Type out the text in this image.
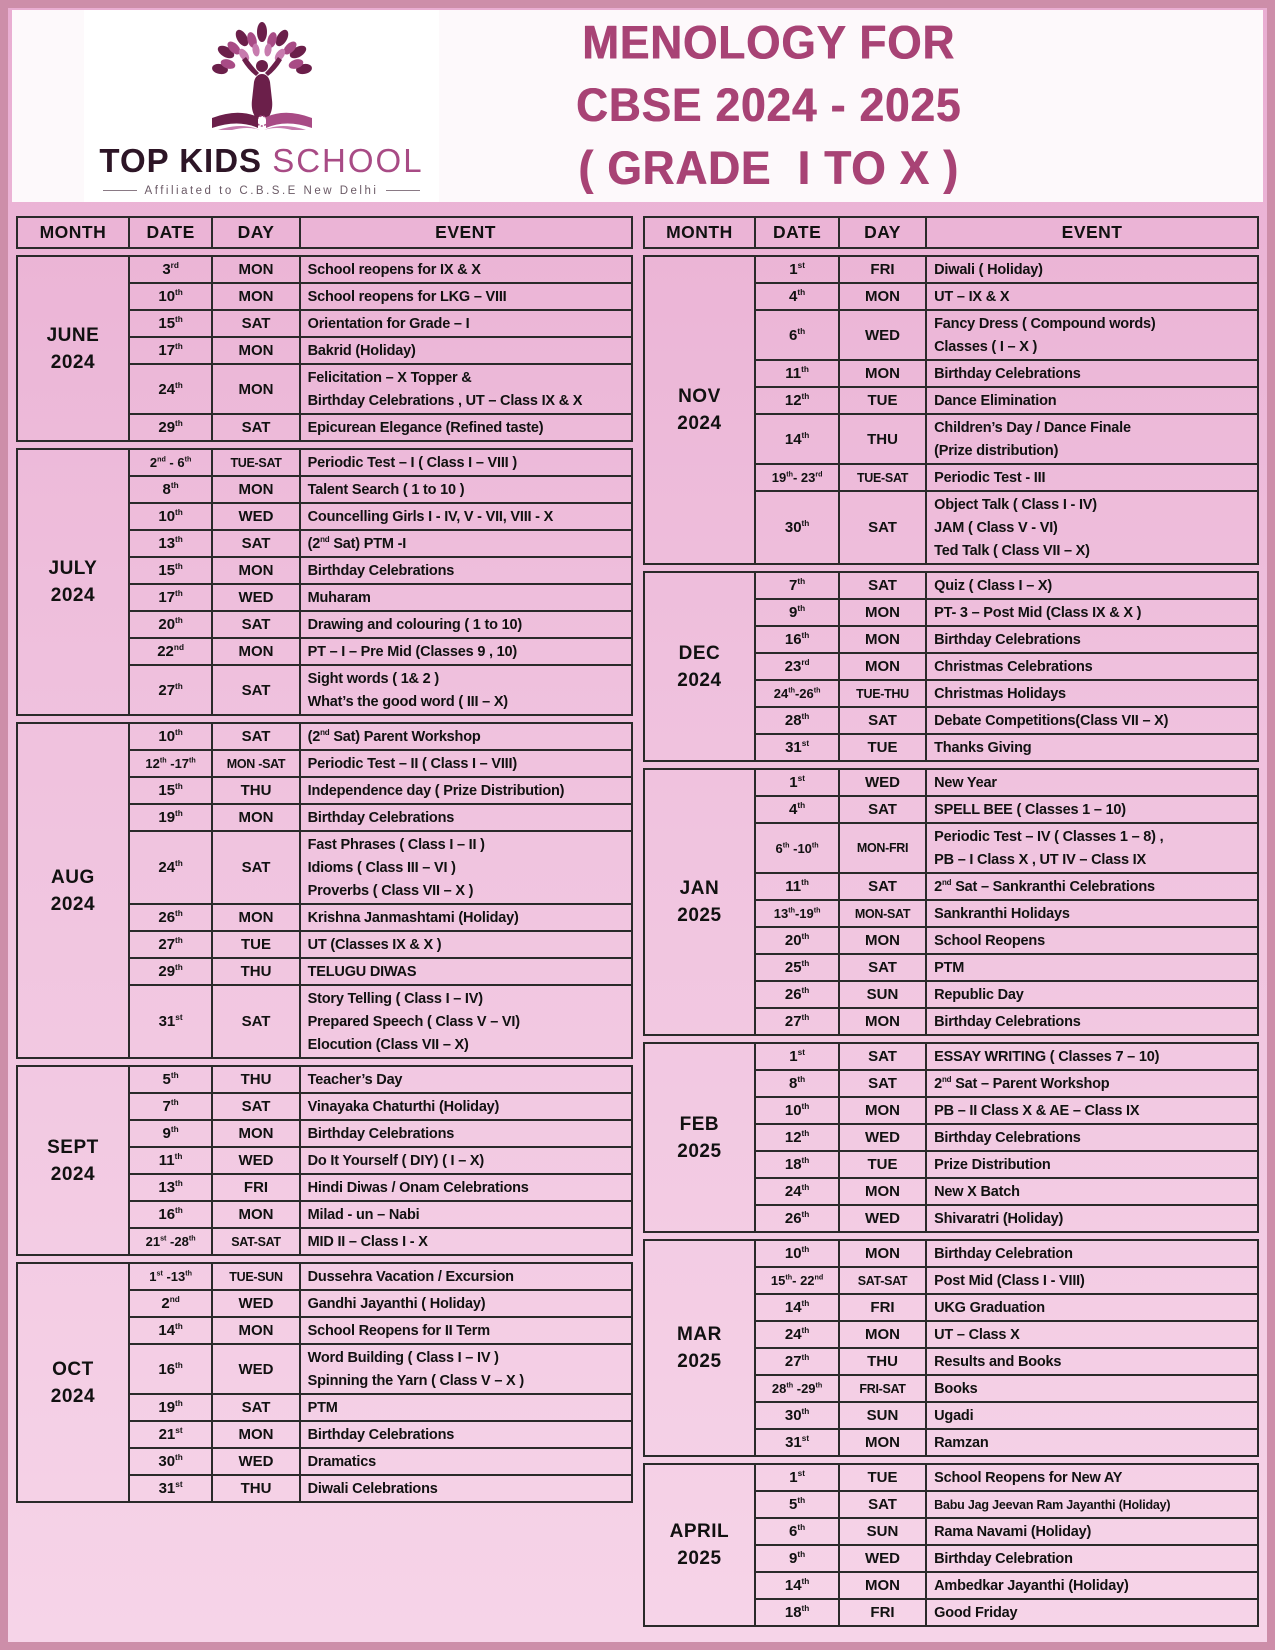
TOP KIDS SCHOOL
Affiliated to C.B.S.E New Delhi
MENOLOGY FOR
CBSE 2024 - 2025
( GRADE  I TO X )
MONTH	DATE	DAY	EVENT
JUNE
2024	3rd	MON	School reopens for IX & X

	10th	MON	School reopens for LKG – VIII

	15th	SAT	Orientation for Grade – I

	17th	MON	Bakrid (Holiday)

	24th	MON	Felicitation – X Topper &
Birthday Celebrations , UT – Class IX & X

	29th	SAT	Epicurean Elegance (Refined taste)
JULY
2024	2nd - 6th	TUE-SAT	Periodic Test – I ( Class I – VIII )

	8th	MON	Talent Search ( 1 to 10 )

	10th	WED	Councelling Girls I - IV, V - VII, VIII - X

	13th	SAT	(2nd Sat) PTM -I

	15th	MON	Birthday Celebrations

	17th	WED	Muharam

	20th	SAT	Drawing and colouring ( 1 to 10)

	22nd	MON	PT – I – Pre Mid (Classes 9 , 10)

	27th	SAT	Sight words ( 1& 2 )
What’s the good word ( III – X)
AUG
2024	10th	SAT	(2nd Sat) Parent Workshop

	12th -17th	MON -SAT	Periodic Test – II ( Class I – VIII)

	15th	THU	Independence day ( Prize Distribution)

	19th	MON	Birthday Celebrations

	24th	SAT	Fast Phrases ( Class I – II )
Idioms ( Class III – VI )
Proverbs ( Class VII – X )

	26th	MON	Krishna Janmashtami (Holiday)

	27th	TUE	UT (Classes IX & X )

	29th	THU	TELUGU DIWAS

	31st	SAT	Story Telling ( Class I – IV)
Prepared Speech ( Class V – VI)
Elocution (Class VII – X)
SEPT
2024	5th	THU	Teacher’s Day

	7th	SAT	Vinayaka Chaturthi (Holiday)

	9th	MON	Birthday Celebrations

	11th	WED	Do It Yourself ( DIY) ( I – X)

	13th	FRI	Hindi Diwas / Onam Celebrations

	16th	MON	Milad - un – Nabi

	21st -28th	SAT-SAT	MID II – Class I - X
OCT
2024	1st -13th	TUE-SUN	Dussehra Vacation / Excursion

	2nd	WED	Gandhi Jayanthi ( Holiday)

	14th	MON	School Reopens for II Term

	16th	WED	Word Building ( Class I – IV )
Spinning the Yarn ( Class V – X )

	19th	SAT	PTM

	21st	MON	Birthday Celebrations

	30th	WED	Dramatics

	31st	THU	Diwali Celebrations
MONTH	DATE	DAY	EVENT
NOV
2024	1st	FRI	Diwali ( Holiday)

	4th	MON	UT – IX & X

	6th	WED	Fancy Dress ( Compound words)
Classes ( I – X )

	11th	MON	Birthday Celebrations

	12th	TUE	Dance Elimination

	14th	THU	Children’s Day / Dance Finale
(Prize distribution)

	19th- 23rd	TUE-SAT	Periodic Test - III

	30th	SAT	Object Talk ( Class I - IV)
JAM ( Class V - VI)
Ted Talk ( Class VII – X)
DEC
2024	7th	SAT	Quiz ( Class I – X)

	9th	MON	PT- 3 – Post Mid (Class IX & X )

	16th	MON	Birthday Celebrations

	23rd	MON	Christmas Celebrations

	24th-26th	TUE-THU	Christmas Holidays

	28th	SAT	Debate Competitions(Class VII – X)

	31st	TUE	Thanks Giving
JAN
2025	1st	WED	New Year

	4th	SAT	SPELL BEE ( Classes 1 – 10)

	6th -10th	MON-FRI	Periodic Test – IV ( Classes 1 – 8) ,
PB – I Class X , UT IV – Class IX

	11th	SAT	2nd Sat – Sankranthi Celebrations

	13th-19th	MON-SAT	Sankranthi Holidays

	20th	MON	School Reopens

	25th	SAT	PTM

	26th	SUN	Republic Day

	27th	MON	Birthday Celebrations
FEB
2025	1st	SAT	ESSAY WRITING ( Classes 7 – 10)

	8th	SAT	2nd Sat – Parent Workshop

	10th	MON	PB – II Class X & AE – Class IX

	12th	WED	Birthday Celebrations

	18th	TUE	Prize Distribution

	24th	MON	New X Batch

	26th	WED	Shivaratri (Holiday)
MAR
2025	10th	MON	Birthday Celebration

	15th- 22nd	SAT-SAT	Post Mid (Class I - VIII)

	14th	FRI	UKG Graduation

	24th	MON	UT – Class X

	27th	THU	Results and Books

	28th -29th	FRI-SAT	Books

	30th	SUN	Ugadi

	31st	MON	Ramzan
APRIL
2025	1st	TUE	School Reopens for New AY

	5th	SAT	Babu Jag Jeevan Ram Jayanthi (Holiday)

	6th	SUN	Rama Navami (Holiday)

	9th	WED	Birthday Celebration

	14th	MON	Ambedkar Jayanthi (Holiday)

	18th	FRI	Good Friday
